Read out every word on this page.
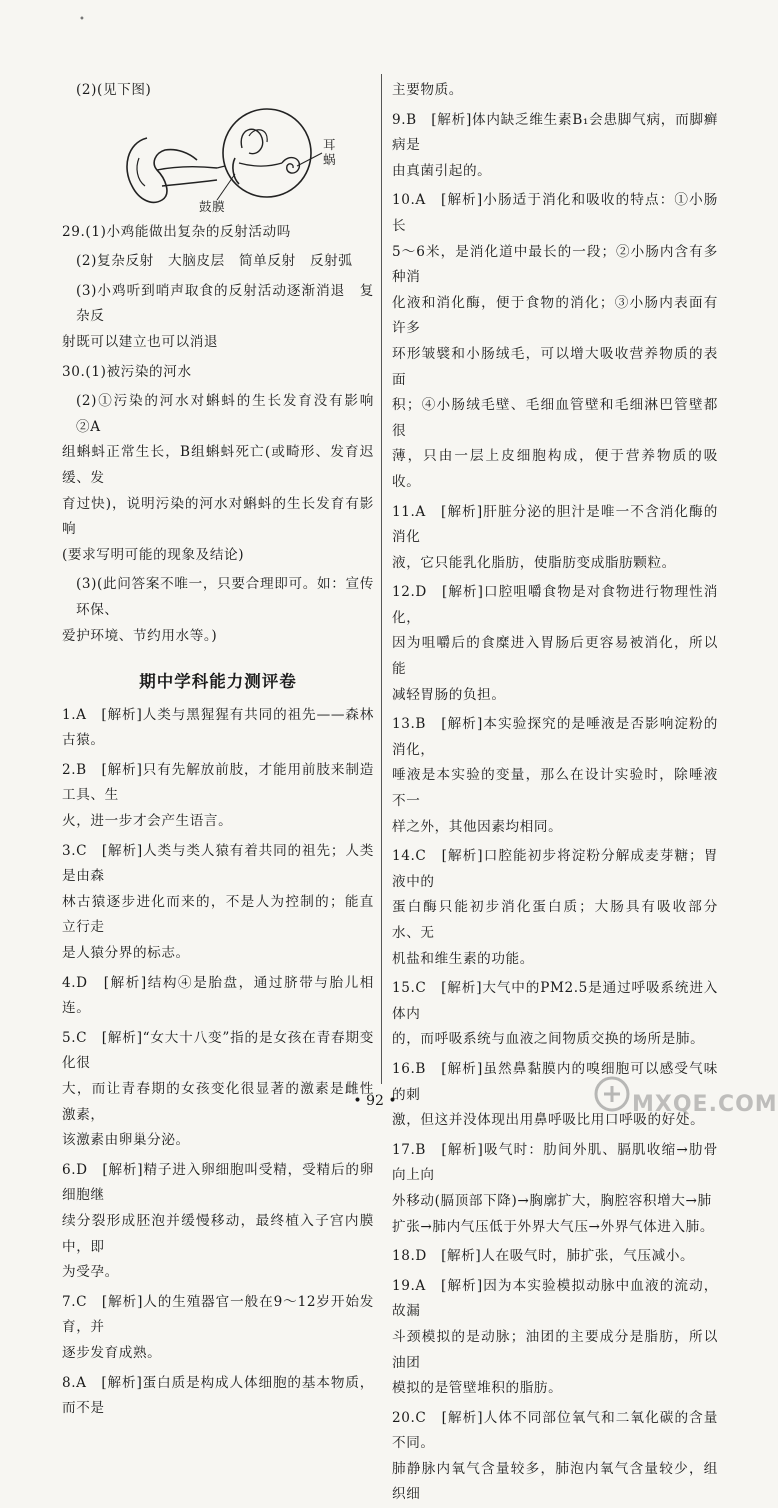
•

(2)(见下图)

耳
蜗
鼓膜

29.(1)小鸡能做出复杂的反射活动吗

(2)复杂反射　大脑皮层　简单反射　反射弧

(3)小鸡听到哨声取食的反射活动逐渐消退　复杂反

射既可以建立也可以消退

30.(1)被污染的河水

(2)①污染的河水对蝌蚪的生长发育没有影响　②A

组蝌蚪正常生长，B组蝌蚪死亡(或畸形、发育迟缓、发

育过快)，说明污染的河水对蝌蚪的生长发育有影响

(要求写明可能的现象及结论)

(3)(此问答案不唯一，只要合理即可。如：宣传环保、

爱护环境、节约用水等。)

期中学科能力测评卷

1.A　[解析]人类与黑猩猩有共同的祖先——森林古猿。

2.B　[解析]只有先解放前肢，才能用前肢来制造工具、生

火，进一步才会产生语言。

3.C　[解析]人类与类人猿有着共同的祖先；人类是由森

林古猿逐步进化而来的，不是人为控制的；能直立行走

是人猿分界的标志。

4.D　[解析]结构④是胎盘，通过脐带与胎儿相连。

5.C　[解析]“女大十八变”指的是女孩在青春期变化很

大，而让青春期的女孩变化很显著的激素是雌性激素，

该激素由卵巢分泌。

6.D　[解析]精子进入卵细胞叫受精，受精后的卵细胞继

续分裂形成胚泡并缓慢移动，最终植入子宫内膜中，即

为受孕。

7.C　[解析]人的生殖器官一般在9～12岁开始发育，并

逐步发育成熟。

8.A　[解析]蛋白质是构成人体细胞的基本物质，而不是

主要物质。

9.B　[解析]体内缺乏维生素B₁会患脚气病，而脚癣病是

由真菌引起的。

10.A　[解析]小肠适于消化和吸收的特点：①小肠长

5～6米，是消化道中最长的一段；②小肠内含有多种消

化液和消化酶，便于食物的消化；③小肠内表面有许多

环形皱襞和小肠绒毛，可以增大吸收营养物质的表面

积；④小肠绒毛壁、毛细血管壁和毛细淋巴管壁都很

薄，只由一层上皮细胞构成，便于营养物质的吸收。

11.A　[解析]肝脏分泌的胆汁是唯一不含消化酶的消化

液，它只能乳化脂肪，使脂肪变成脂肪颗粒。

12.D　[解析]口腔咀嚼食物是对食物进行物理性消化，

因为咀嚼后的食糜进入胃肠后更容易被消化，所以能

减轻胃肠的负担。

13.B　[解析]本实验探究的是唾液是否影响淀粉的消化，

唾液是本实验的变量，那么在设计实验时，除唾液不一

样之外，其他因素均相同。

14.C　[解析]口腔能初步将淀粉分解成麦芽糖；胃液中的

蛋白酶只能初步消化蛋白质；大肠具有吸收部分水、无

机盐和维生素的功能。

15.C　[解析]大气中的PM2.5是通过呼吸系统进入体内

的，而呼吸系统与血液之间物质交换的场所是肺。

16.B　[解析]虽然鼻黏膜内的嗅细胞可以感受气味的刺

激，但这并没体现出用鼻呼吸比用口呼吸的好处。

17.B　[解析]吸气时：肋间外肌、膈肌收缩→肋骨向上向

外移动(膈顶部下降)→胸廓扩大，胸腔容积增大→肺

扩张→肺内气压低于外界大气压→外界气体进入肺。

18.D　[解析]人在吸气时，肺扩张，气压减小。

19.A　[解析]因为本实验模拟动脉中血液的流动，故漏

斗颈模拟的是动脉；油团的主要成分是脂肪，所以油团

模拟的是管壁堆积的脂肪。

20.C　[解析]人体不同部位氧气和二氧化碳的含量不同。

肺静脉内氧气含量较多，肺泡内氧气含量较少，组织细

• 92 •	MXQE.COM
